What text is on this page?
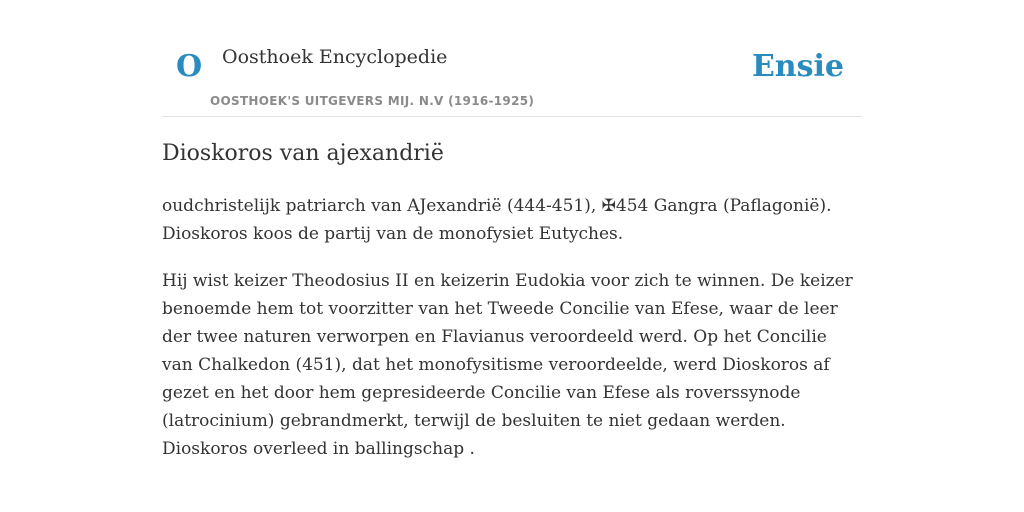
O Oosthoek Encyclopedie
OOSTHOEK'S UITGEVERS MIJ. N.V (1916-1925)
Ensie
Dioskoros van ajexandrië

oudchristelijk patriarch van AJexandrië (444-451), ✠454 Gangra (Paflagonië). Dioskoros koos de partij van de monofysiet Eutyches.

Hij wist keizer Theodosius II en keizerin Eudokia voor zich te winnen. De keizer benoemde hem tot voorzitter van het Tweede Concilie van Efese, waar de leer der twee naturen verworpen en Flavianus veroordeeld werd. Op het Concilie van Chalkedon (451), dat het monofysitisme veroordeelde, werd Dioskoros af gezet en het door hem gepresideerde Concilie van Efese als roverssynode (latrocinium) gebrandmerkt, terwijl de besluiten te niet gedaan werden. Dioskoros overleed in ballingschap .
